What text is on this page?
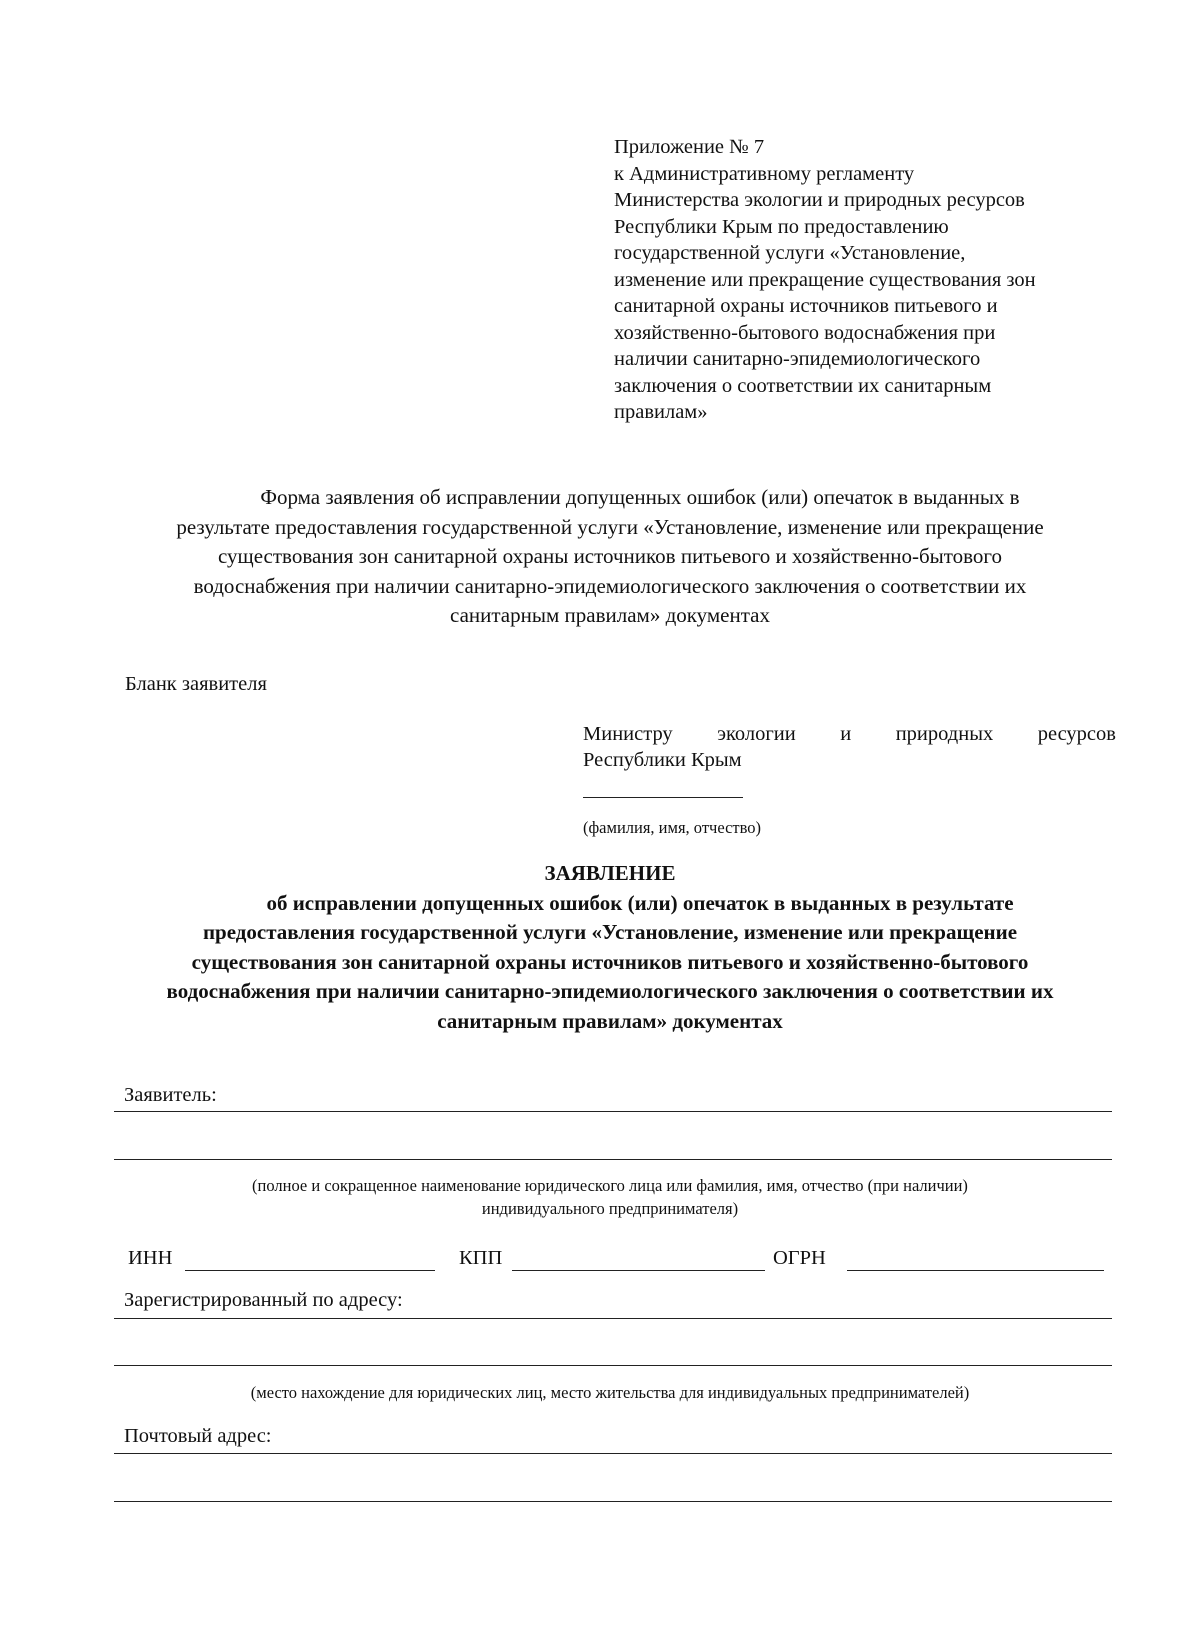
Приложение № 7
к Административному регламенту
Министерства экологии и природных ресурсов
Республики Крым по предоставлению
государственной услуги «Установление,
изменение или прекращение существования зон
санитарной охраны источников питьевого и
хозяйственно-бытового водоснабжения при
наличии санитарно-эпидемиологического
заключения о соответствии их санитарным
правилам»
Форма заявления об исправлении допущенных ошибок (или) опечаток в выданных в
результате предоставления государственной услуги «Установление, изменение или прекращение
существования зон санитарной охраны источников питьевого и хозяйственно-бытового
водоснабжения при наличии санитарно-эпидемиологического заключения о соответствии их
санитарным правилам» документах
Бланк заявителя
Министру экологии и природных ресурсов
Республики Крым
(фамилия, имя, отчество)
ЗАЯВЛЕНИЕ
об исправлении допущенных ошибок (или) опечаток в выданных в результате
предоставления государственной услуги «Установление, изменение или прекращение
существования зон санитарной охраны источников питьевого и хозяйственно-бытового
водоснабжения при наличии санитарно-эпидемиологического заключения о соответствии их
санитарным правилам» документах
Заявитель:
(полное и сокращенное наименование юридического лица или фамилия, имя, отчество (при наличии)
индивидуального предпринимателя)
ИНН	КПП	ОГРН
Зарегистрированный по адресу:
(место нахождение для юридических лиц, место жительства для индивидуальных предпринимателей)
Почтовый адрес:
